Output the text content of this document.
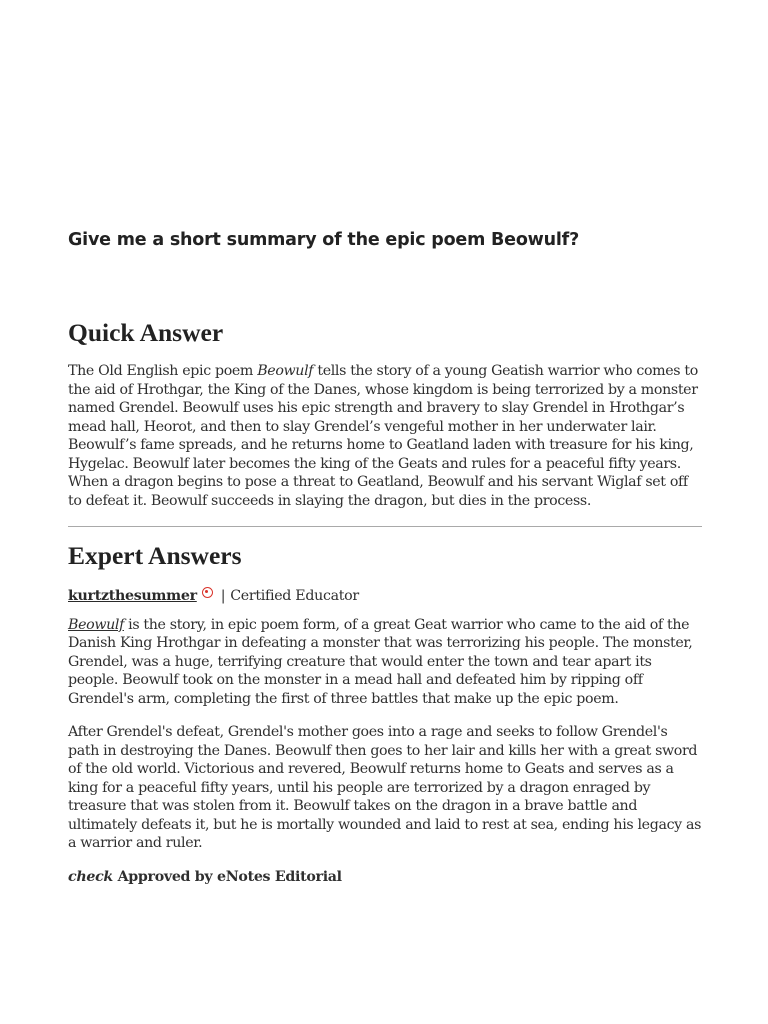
Give me a short summary of the epic poem Beowulf?
Quick Answer

The Old English epic poem Beowulf tells the story of a young Geatish warrior who comes to the aid of Hrothgar, the King of the Danes, whose kingdom is being terrorized by a monster named Grendel. Beowulf uses his epic strength and bravery to slay Grendel in Hrothgar’s mead hall, Heorot, and then to slay Grendel’s vengeful mother in her underwater lair. Beowulf’s fame spreads, and he returns home to Geatland laden with treasure for his king, Hygelac. Beowulf later becomes the king of the Geats and rules for a peaceful fifty years. When a dragon begins to pose a threat to Geatland, Beowulf and his servant Wiglaf set off to defeat it. Beowulf succeeds in slaying the dragon, but dies in the process.

Expert Answers
kurtzthesummer | Certified Educator

Beowulf is the story, in epic poem form, of a great Geat warrior who came to the aid of the Danish King Hrothgar in defeating a monster that was terrorizing his people. The monster, Grendel, was a huge, terrifying creature that would enter the town and tear apart its people. Beowulf took on the monster in a mead hall and defeated him by ripping off Grendel's arm, completing the first of three battles that make up the epic poem.

After Grendel's defeat, Grendel's mother goes into a rage and seeks to follow Grendel's path in destroying the Danes. Beowulf then goes to her lair and kills her with a great sword of the old world. Victorious and revered, Beowulf returns home to Geats and serves as a king for a peaceful fifty years, until his people are terrorized by a dragon enraged by treasure that was stolen from it. Beowulf takes on the dragon in a brave battle and ultimately defeats it, but he is mortally wounded and laid to rest at sea, ending his legacy as a warrior and ruler.

check Approved by eNotes Editorial
